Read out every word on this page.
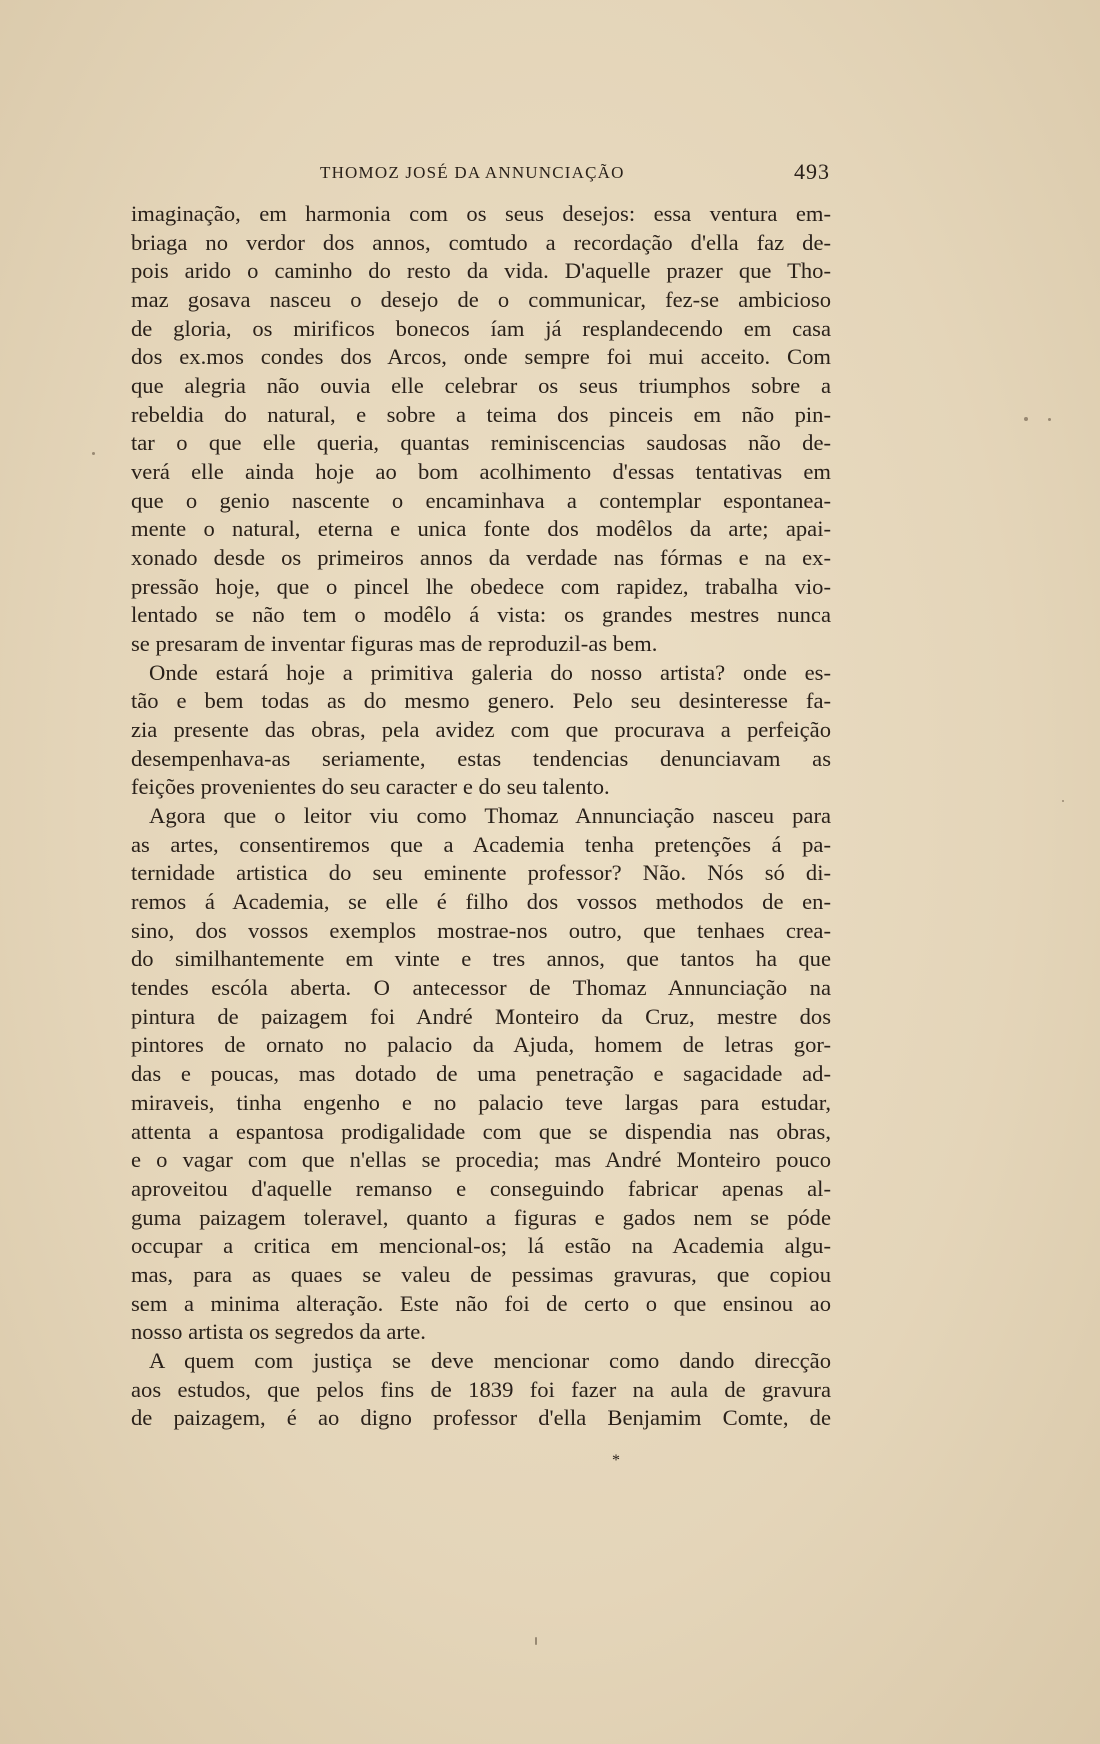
THOMOZ JOSÉ DA ANNUNCIAÇÃO	493
imaginação, em harmonia com os seus desejos: essa ventura em-
briaga no verdor dos annos, comtudo a recordação d'ella faz de-
pois arido o caminho do resto da vida. D'aquelle prazer que Tho-
maz gosava nasceu o desejo de o communicar, fez-se ambicioso
de gloria, os mirificos bonecos íam já resplandecendo em casa
dos ex.mos condes dos Arcos, onde sempre foi mui acceito. Com
que alegria não ouvia elle celebrar os seus triumphos sobre a
rebeldia do natural, e sobre a teima dos pinceis em não pin-
tar o que elle queria, quantas reminiscencias saudosas não de-
verá elle ainda hoje ao bom acolhimento d'essas tentativas em
que o genio nascente o encaminhava a contemplar espontanea-
mente o natural, eterna e unica fonte dos modêlos da arte; apai-
xonado desde os primeiros annos da verdade nas fórmas e na ex-
pressão hoje, que o pincel lhe obedece com rapidez, trabalha vio-
lentado se não tem o modêlo á vista: os grandes mestres nunca
se presaram de inventar figuras mas de reproduzil-as bem.
Onde estará hoje a primitiva galeria do nosso artista? onde es-
tão e bem todas as do mesmo genero. Pelo seu desinteresse fa-
zia presente das obras, pela avidez com que procurava a perfeição
desempenhava-as seriamente, estas tendencias denunciavam as
feições provenientes do seu caracter e do seu talento.
Agora que o leitor viu como Thomaz Annunciação nasceu para
as artes, consentiremos que a Academia tenha pretenções á pa-
ternidade artistica do seu eminente professor? Não. Nós só di-
remos á Academia, se elle é filho dos vossos methodos de en-
sino, dos vossos exemplos mostrae-nos outro, que tenhaes crea-
do similhantemente em vinte e tres annos, que tantos ha que
tendes escóla aberta. O antecessor de Thomaz Annunciação na
pintura de paizagem foi André Monteiro da Cruz, mestre dos
pintores de ornato no palacio da Ajuda, homem de letras gor-
das e poucas, mas dotado de uma penetração e sagacidade ad-
miraveis, tinha engenho e no palacio teve largas para estudar,
attenta a espantosa prodigalidade com que se dispendia nas obras,
e o vagar com que n'ellas se procedia; mas André Monteiro pouco
aproveitou d'aquelle remanso e conseguindo fabricar apenas al-
guma paizagem toleravel, quanto a figuras e gados nem se póde
occupar a critica em mencional-os; lá estão na Academia algu-
mas, para as quaes se valeu de pessimas gravuras, que copiou
sem a minima alteração. Este não foi de certo o que ensinou ao
nosso artista os segredos da arte.
A quem com justiça se deve mencionar como dando direcção
aos estudos, que pelos fins de 1839 foi fazer na aula de gravura
de paizagem, é ao digno professor d'ella Benjamim Comte, de
*
